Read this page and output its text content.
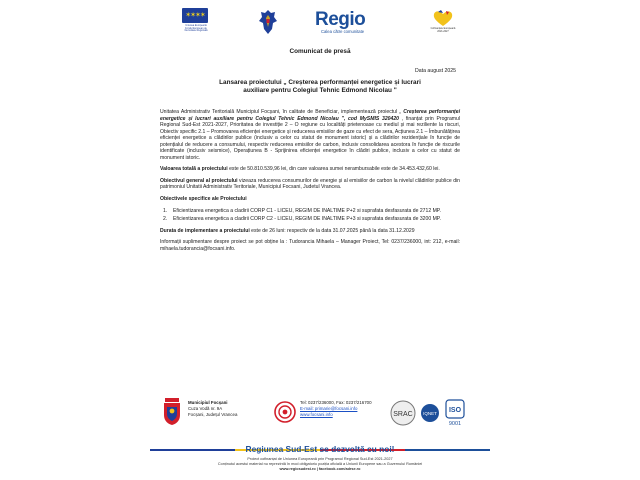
✶✶✶✶
Uniunea Europeană
Fondul European de
Dezvoltare Regională
Regio
Calea către comunitate
Cofinanțare Europeană
2021-2027
Comunicat de presă
Data august 2025
Lansarea proiectului „ Creșterea performanței energetice și lucrari
auxiliare pentru Colegiul Tehnic Edmond Nicolau "

Unitatea Administrativ Teritorială Municipiul Focșani, în calitate de Beneficiar, implementează proiectul „ Creșterea performanței energetice și lucrari auxiliare pentru Colegiul Tehnic Edmond Nicolau ", cod MySMIS 320420 , finanțat prin Programul Regional Sud-Est 2021-2027, Prioritatea de investiție 2 – O regiune cu localități prietenoase cu mediul și mai reziliente la riscuri, Obiectiv specific 2.1 – Promovarea eficienței energetice și reducerea emisiilor de gaze cu efect de sera, Acțiunea 2.1 – Îmbunătățirea eficienței energetice a clădirilor publice (inclusiv a celor cu statut de monument istoric) și a clădirilor rezidențiale în funcție de potențialul de reducere a consumului, respectiv reducerea emisiilor de carbon, inclusiv consolidarea acestora în funcție de riscurile identificate (inclusiv seismice), Operațiunea B - Sprijinirea eficienței energetice în clădiri publice, inclusiv a celor cu statut de monument istoric.

Valoarea totală a proiectului este de 50.810.539,96 lei, din care valoarea sumei nerambursabile este de 34.453.432,60 lei.

Obiectivul general al proiectului vizeaza reducerea consumurilor de energie și al emisiilor de carbon la nivelul clădirilor publice din patrimoniul Unitatii Administrativ Teritoriale, Municipiul Focsani, Judetul Vrancea.

Obiectivele specifice ale Proiectului

1. Eficientizarea energetica a cladirii CORP C1 - LICEU, REGIM DE INALTIME P+2 si suprafata desfasurata de 2712 MP.
2. Eficientizarea energetica a cladirii CORP C2 - LICEU, REGIM DE INALTIME P+3 si suprafata desfasurata de 3200 MP.

Durata de implementare a proiectului este de 26 luni: respectiv de la data 31.07.2025 până la data 31.12.2029

Informații suplimentare despre proiect se pot obține la : Tudorancia Mihaela – Manager Proiect, Tel: 0237/236000, int: 212, e-mail: mihaela.tudorancia@focsani.info.

Municipiul Focșani
Cuza Vodă nr. 9A
Focșani, Județul Vrancea
Tel: 0237/236000, Fax: 0237/216700
E-mail: primarie@focsani.info
www.focsani.info	SRAC IQNET ISO
9001
Regiunea Sud-Est se dezvoltă cu noi!
Proiect cofinanțat de Uniunea Europeană prin Programul Regional Sud-Est 2021-2027
Conținutul acestui material nu reprezintă în mod obligatoriu poziția oficială a Uniunii Europene sau a Guvernului României
www.regiosudest.ro | facebook.com/adrse.ro
